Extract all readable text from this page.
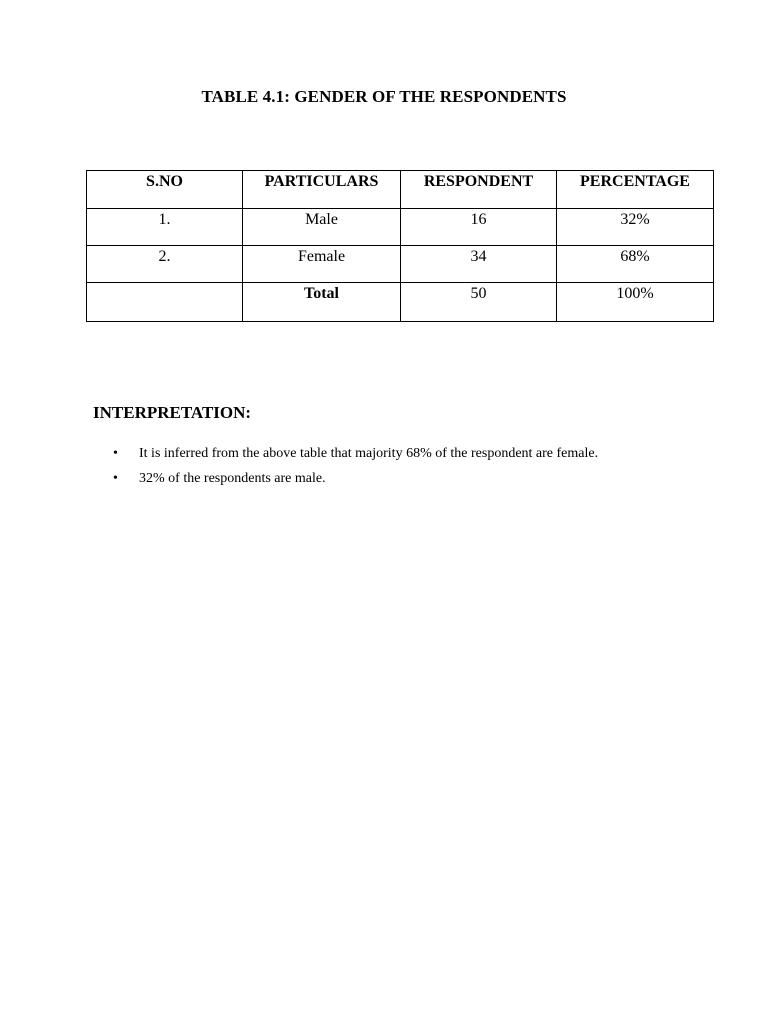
TABLE 4.1: GENDER OF THE RESPONDENTS
S.NO	PARTICULARS	RESPONDENT	PERCENTAGE
1.	Male	16	32%
2.	Female	34	68%
	Total	50	100%
INTERPRETATION:
• It is inferred from the above table that majority 68% of the respondent are female.
• 32% of the respondents are male.
